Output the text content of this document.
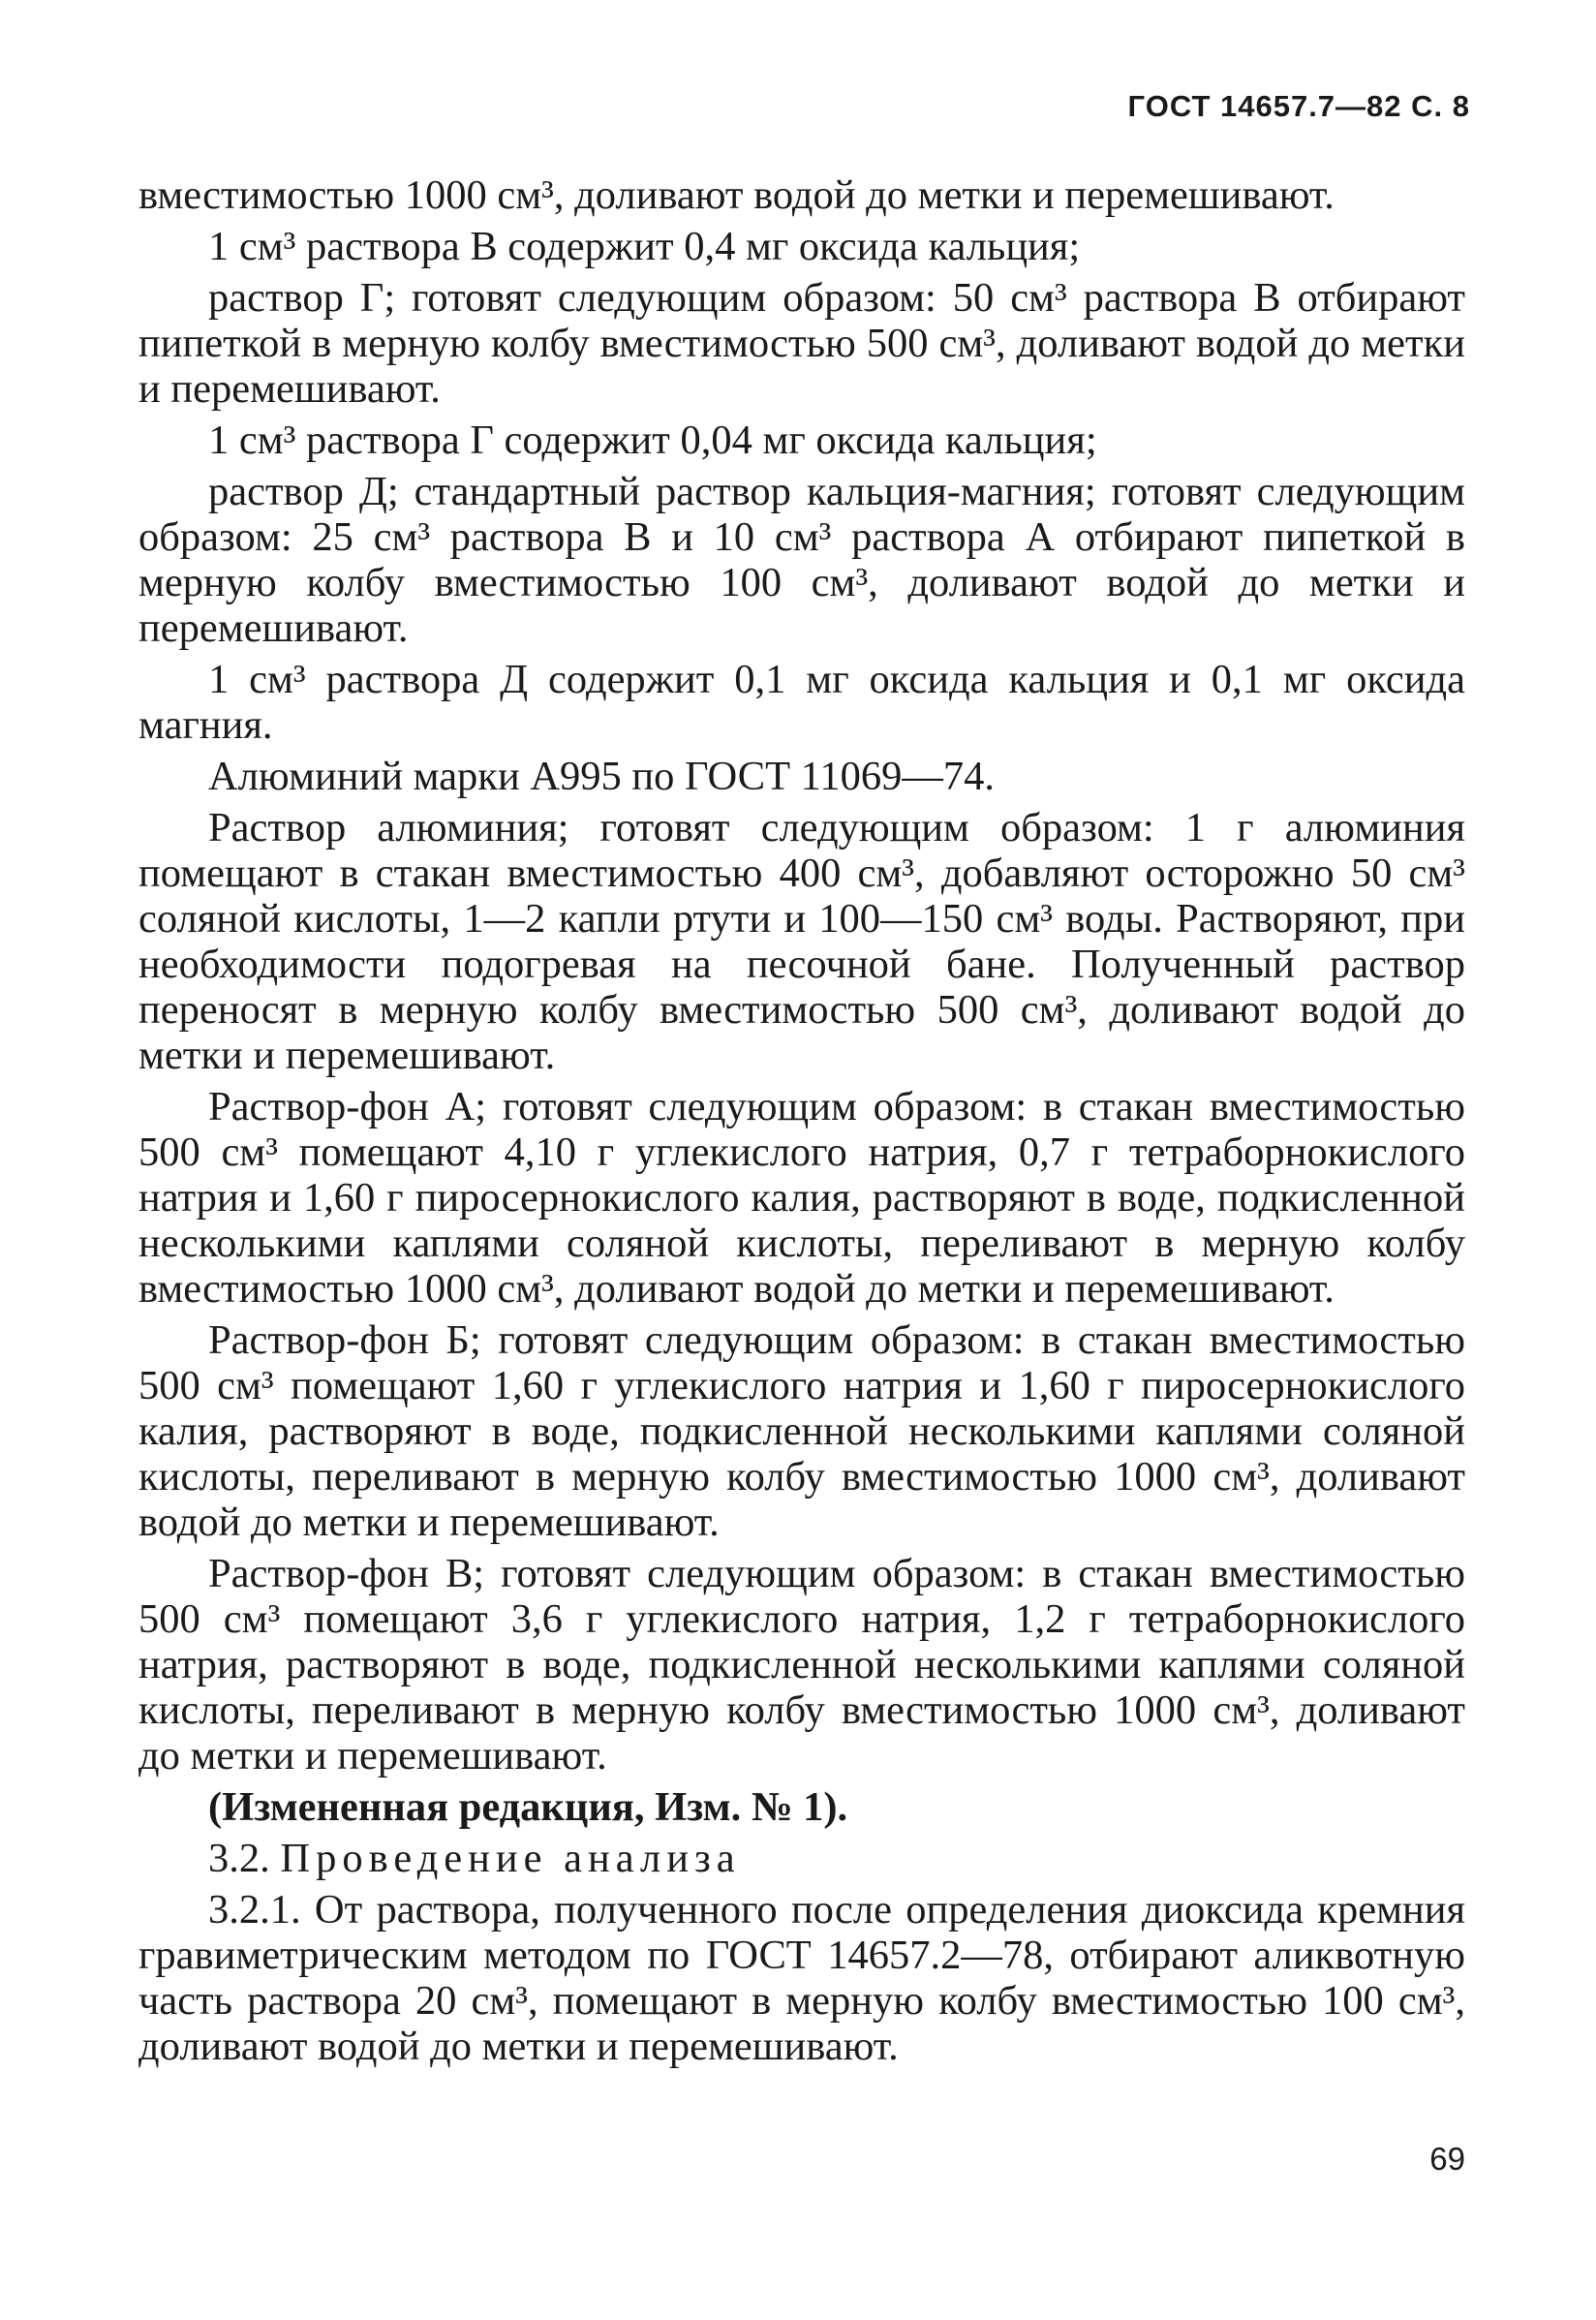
ГОСТ 14657.7—82 С. 8

вместимостью 1000 см³, доливают водой до метки и перемешивают.

1 см³ раствора В содержит 0,4 мг оксида кальция;

раствор Г; готовят следующим образом: 50 см³ раствора В отбирают пипеткой в мерную колбу вместимостью 500 см³, доливают водой до метки и перемешивают.

1 см³ раствора Г содержит 0,04 мг оксида кальция;

раствор Д; стандартный раствор кальция-магния; готовят следующим образом: 25 см³ раствора В и 10 см³ раствора А отбирают пипеткой в мерную колбу вместимостью 100 см³, доливают водой до метки и перемешивают.

1 см³ раствора Д содержит 0,1 мг оксида кальция и 0,1 мг оксида магния.

Алюминий марки А995 по ГОСТ 11069—74.

Раствор алюминия; готовят следующим образом: 1 г алюминия помещают в стакан вместимостью 400 см³, добавляют осторожно 50 см³ соляной кислоты, 1—2 капли ртути и 100—150 см³ воды. Растворяют, при необходимости подогревая на песочной бане. Полученный раствор переносят в мерную колбу вместимостью 500 см³, доливают водой до метки и перемешивают.

Раствор-фон А; готовят следующим образом: в стакан вместимостью 500 см³ помещают 4,10 г углекислого натрия, 0,7 г тетраборнокислого натрия и 1,60 г пиросернокислого калия, растворяют в воде, подкисленной несколькими каплями соляной кислоты, переливают в мерную колбу вместимостью 1000 см³, доливают водой до метки и перемешивают.

Раствор-фон Б; готовят следующим образом: в стакан вместимостью 500 см³ помещают 1,60 г углекислого натрия и 1,60 г пиросернокислого калия, растворяют в воде, подкисленной несколькими каплями соляной кислоты, переливают в мерную колбу вместимостью 1000 см³, доливают водой до метки и перемешивают.

Раствор-фон В; готовят следующим образом: в стакан вместимостью 500 см³ помещают 3,6 г углекислого натрия, 1,2 г тетраборнокислого натрия, растворяют в воде, подкисленной несколькими каплями соляной кислоты, переливают в мерную колбу вместимостью 1000 см³, доливают до метки и перемешивают.

(Измененная редакция, Изм. № 1).

3.2. Проведение анализа

3.2.1. От раствора, полученного после определения диоксида кремния гравиметрическим методом по ГОСТ 14657.2—78, отбирают аликвотную часть раствора 20 см³, помещают в мерную колбу вместимостью 100 см³, доливают водой до метки и перемешивают.

69
